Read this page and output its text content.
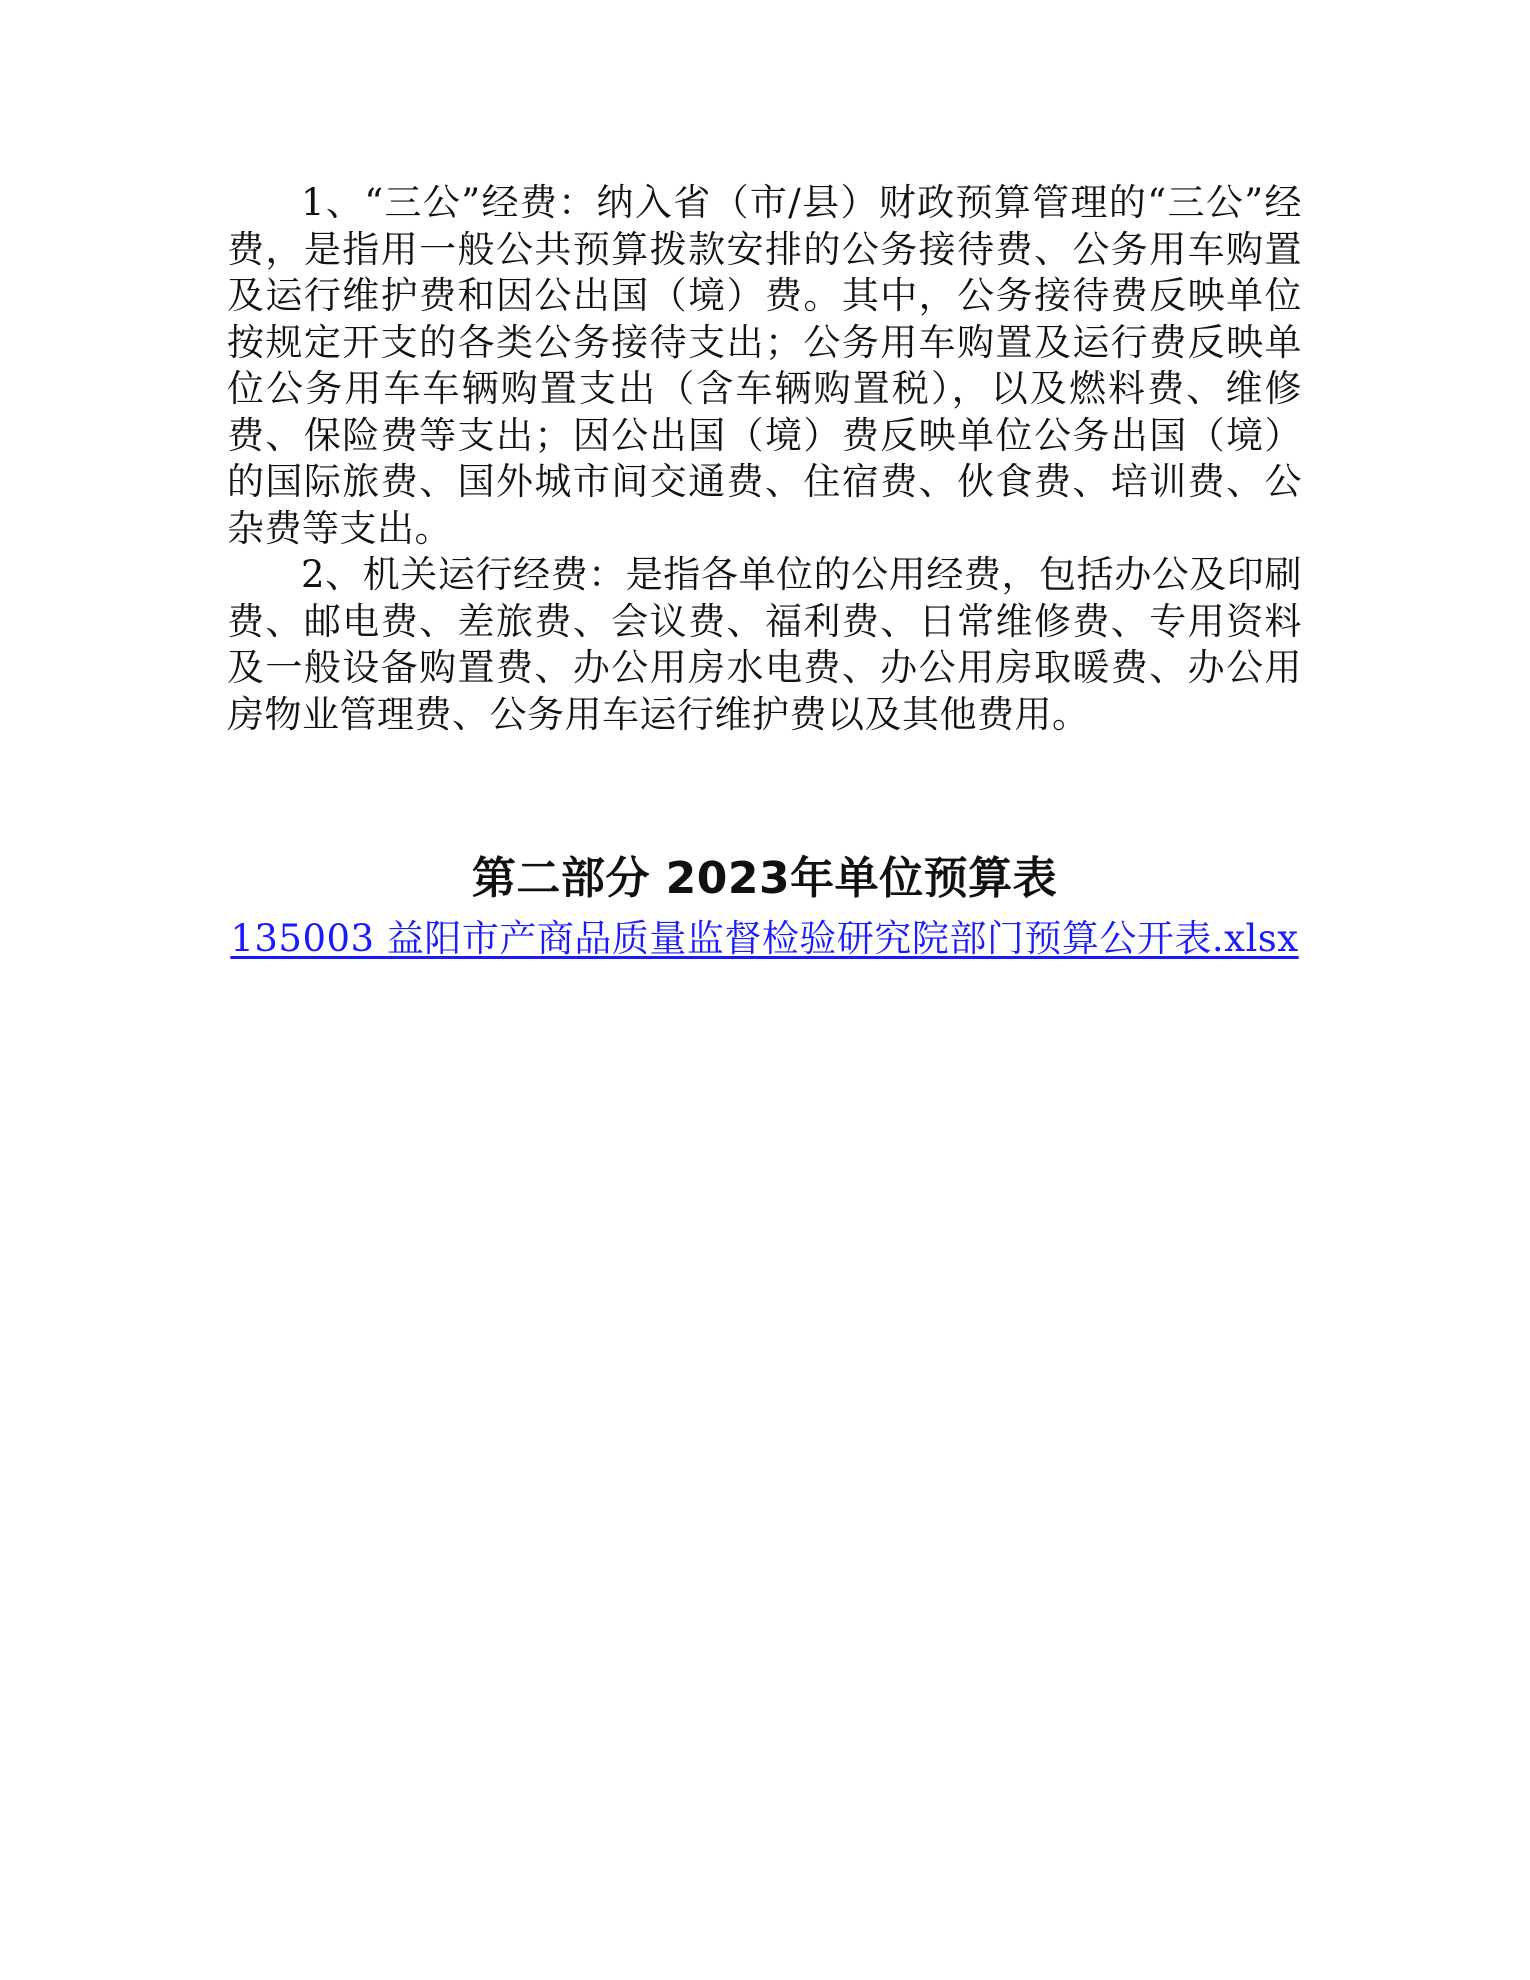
1、“三公”经费：纳入省（市/县）财政预算管理的“三公”经费，是指用一般公共预算拨款安排的公务接待费、公务用车购置及运行维护费和因公出国（境）费。其中，公务接待费反映单位按规定开支的各类公务接待支出；公务用车购置及运行费反映单位公务用车车辆购置支出（含车辆购置税），以及燃料费、维修费、保险费等支出；因公出国（境）费反映单位公务出国（境）的国际旅费、国外城市间交通费、住宿费、伙食费、培训费、公杂费等支出。

2、机关运行经费：是指各单位的公用经费，包括办公及印刷费、邮电费、差旅费、会议费、福利费、日常维修费、专用资料及一般设备购置费、办公用房水电费、办公用房取暖费、办公用房物业管理费、公务用车运行维护费以及其他费用。

第二部分 2023年单位预算表
135003 益阳市产商品质量监督检验研究院部门预算公开表.xlsx
